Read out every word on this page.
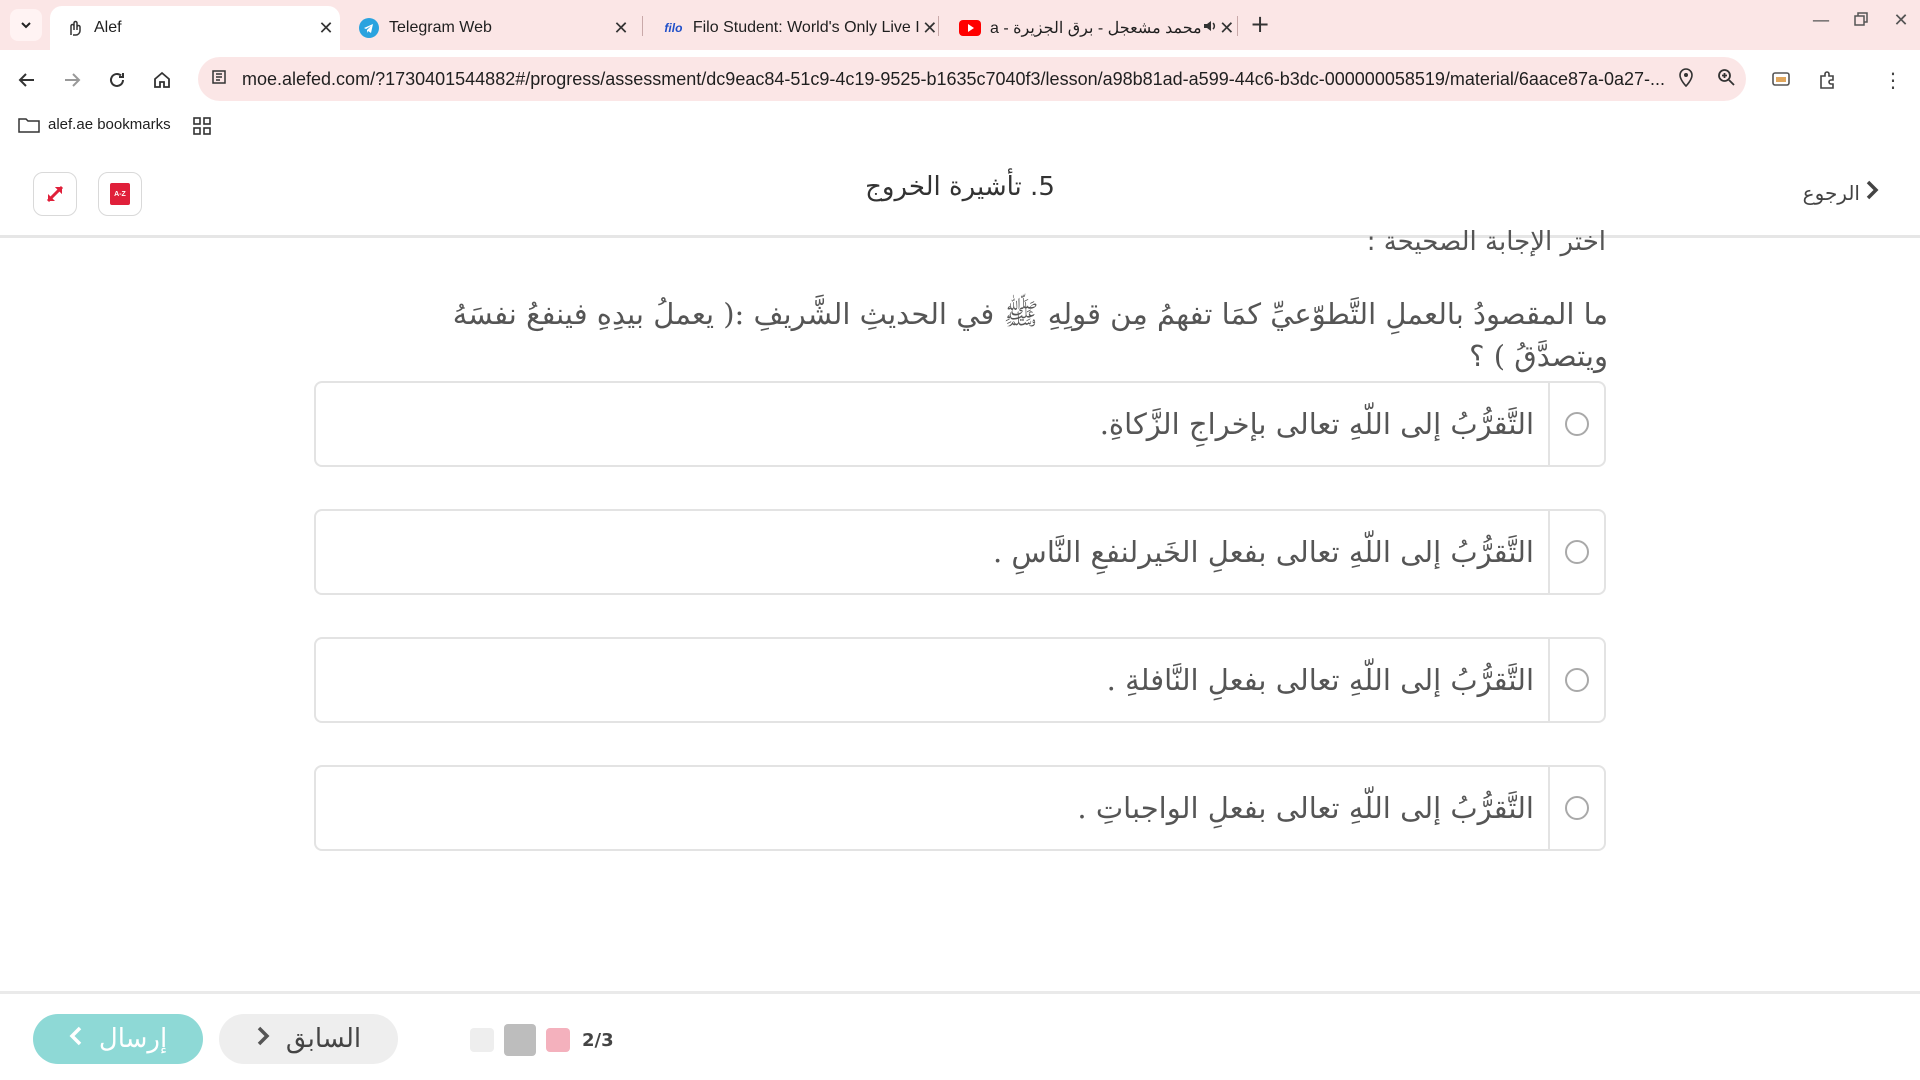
Alef	✕	Telegram Web	✕	filo Filo Student: World's Only Live I ✕	محمد مشعجل - برق الجزيرة - a ✕ +	—	✕
moe.alefed.com/?1730401544882#/progress/assessment/dc9eac84-51c9-4c19-9525-b1635c7040f3/lesson/a98b81ad-a599-44c6-b3dc-000000058519/material/6aace87a-0a27-...	⋮
alef.ae bookmarks
A-Z	5. تأشيرة الخروج	الرجوع
اختر الإجابة الصحيحة :
ما المقصودُ بالعملِ التَّطوّعيِّ كمَا تفهمُ مِن قولِهِ ﷺ في الحديثِ الشَّريفِ :( يعملُ بيدِهِ فينفعُ نفسَهُ ويتصدَّقُ ) ؟
التَّقرُّبُ إلى اللّهِ تعالى بإخراجِ الزَّكاةِ.
التَّقرُّبُ إلى اللّهِ تعالى بفعلِ الخَيرلنفعِ النَّاسِ .
التَّقرُّبُ إلى اللّهِ تعالى بفعلِ النَّافلةِ .
التَّقرُّبُ إلى اللّهِ تعالى بفعلِ الواجباتِ .
إرسال	السابق	2/3
